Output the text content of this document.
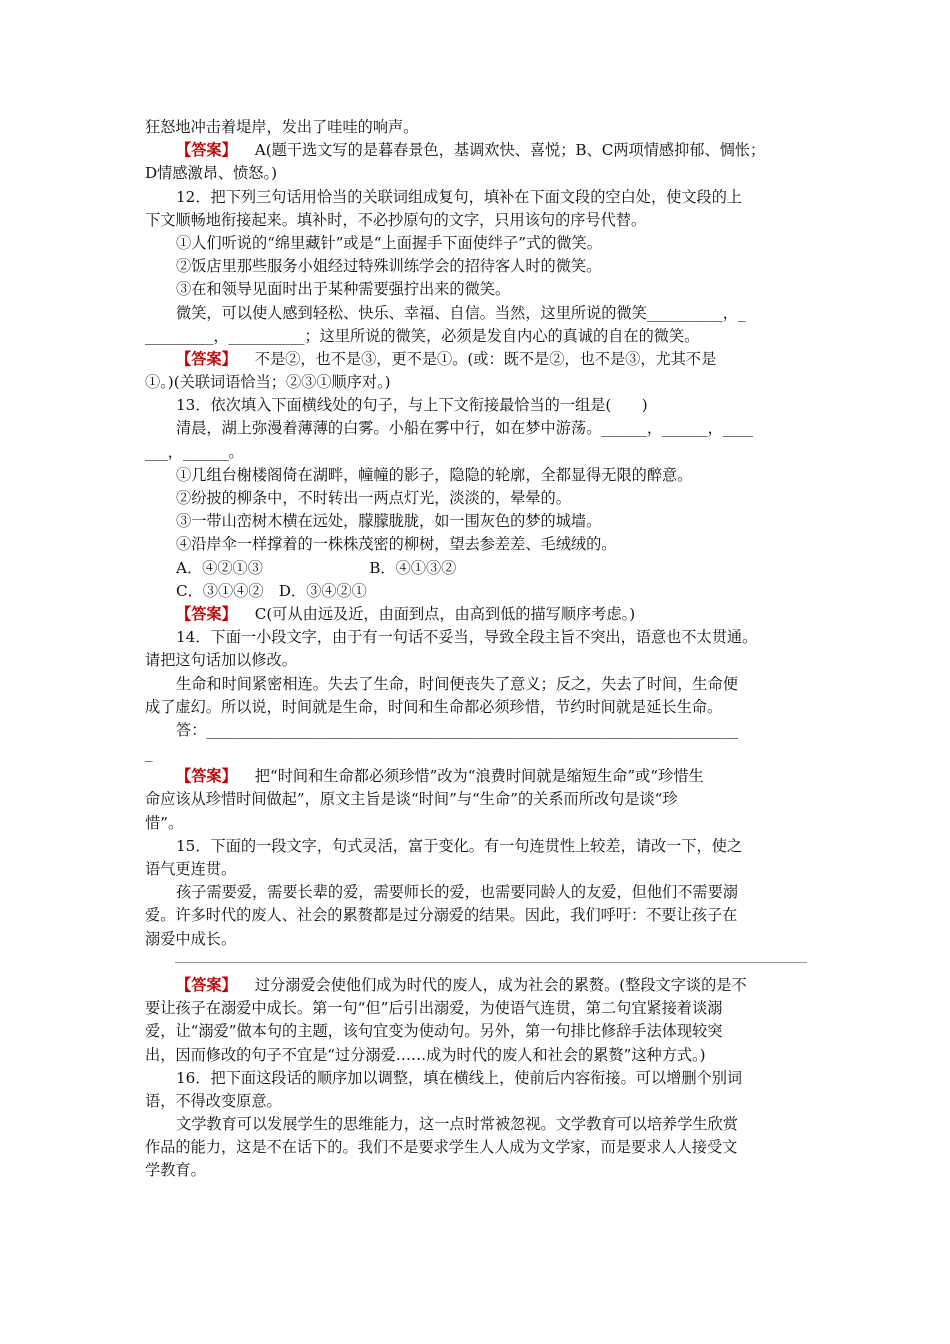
狂怒地冲击着堤岸，发出了哇哇的响声。
【答案】 A(题干选文写的是暮春景色，基调欢快、喜悦；B、C两项情感抑郁、惆怅；
D情感激昂、愤怒。)
12．把下列三句话用恰当的关联词组成复句，填补在下面文段的空白处，使文段的上
下文顺畅地衔接起来。填补时，不必抄原句的文字，只用该句的序号代替。
①人们听说的“绵里藏针”或是“上面握手下面使绊子”式的微笑。
②饭店里那些服务小姐经过特殊训练学会的招待客人时的微笑。
③在和领导见面时出于某种需要强拧出来的微笑。
微笑，可以使人感到轻松、快乐、幸福、自信。当然，这里所说的微笑__________，_
_________，__________；这里所说的微笑，必须是发自内心的真诚的自在的微笑。
【答案】 不是②，也不是③，更不是①。(或：既不是②，也不是③，尤其不是
①。)(关联词语恰当；②③①顺序对。)
13．依次填入下面横线处的句子，与上下文衔接最恰当的一组是(　　)
清晨，湖上弥漫着薄薄的白雾。小船在雾中行，如在梦中游荡。______，______，____
___，______。
①几组台榭楼阁倚在湖畔，幢幢的影子，隐隐的轮廓，全都显得无限的醉意。
②纷披的柳条中，不时转出一两点灯光，淡淡的，晕晕的。
③一带山峦树木横在远处，朦朦胧胧，如一围灰色的梦的城墙。
④沿岸伞一样撑着的一株株茂密的柳树，望去参差差、毛绒绒的。
A．④②①③　　　　　　　B．④①③②
C．③①④②　D．③④②①
【答案】 C(可从由远及近，由面到点，由高到低的描写顺序考虑。)
14．下面一小段文字，由于有一句话不妥当，导致全段主旨不突出，语意也不太贯通。
请把这句话加以修改。
生命和时间紧密相连。失去了生命，时间便丧失了意义；反之，失去了时间，生命便
成了虚幻。所以说，时间就是生命，时间和生命都必须珍惜，节约时间就是延长生命。
答：______________________________________________________________________
_
【答案】 把“时间和生命都必须珍惜”改为“浪费时间就是缩短生命”或“珍惜生
命应该从珍惜时间做起”，原文主旨是谈“时间”与“生命”的关系而所改句是谈“珍
惜”。
15．下面的一段文字，句式灵活，富于变化。有一句连贯性上较差，请改一下，使之
语气更连贯。
孩子需要爱，需要长辈的爱，需要师长的爱，也需要同龄人的友爱，但他们不需要溺
爱。许多时代的废人、社会的累赘都是过分溺爱的结果。因此，我们呼吁：不要让孩子在
溺爱中成长。
【答案】 过分溺爱会使他们成为时代的废人，成为社会的累赘。(整段文字谈的是不
要让孩子在溺爱中成长。第一句“但”后引出溺爱，为使语气连贯，第二句宜紧接着谈溺
爱，让“溺爱”做本句的主题，该句宜变为使动句。另外，第一句排比修辞手法体现较突
出，因而修改的句子不宜是“过分溺爱……成为时代的废人和社会的累赘”这种方式。)
16．把下面这段话的顺序加以调整，填在横线上，使前后内容衔接。可以增删个别词
语，不得改变原意。
文学教育可以发展学生的思维能力，这一点时常被忽视。文学教育可以培养学生欣赏
作品的能力，这是不在话下的。我们不是要求学生人人成为文学家，而是要求人人接受文
学教育。
